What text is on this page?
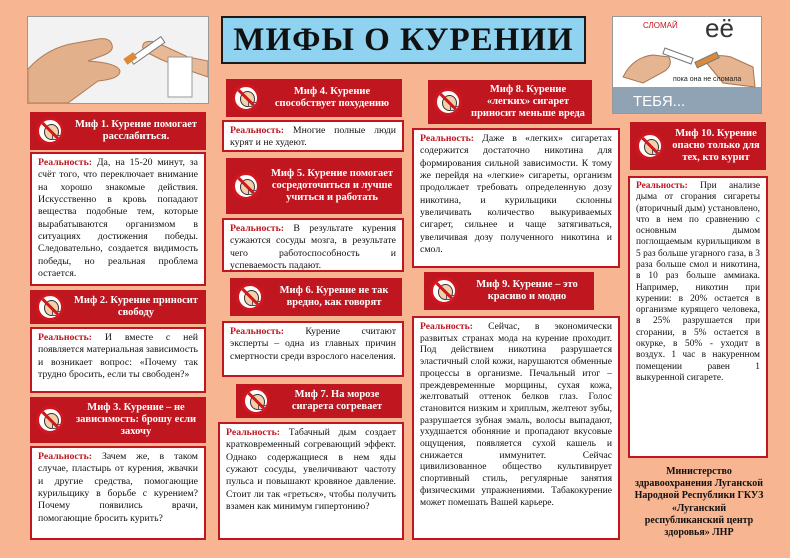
МИФЫ О КУРЕНИИ	СЛОМАЙ её
пока она не сломала
ТЕБЯ...
Миф 1. Курение помогает расслабиться.
Реальность: Да, на 15-20 минут, за счёт того, что переключает внимание на хорошо знакомые действия. Искусственно в кровь попадают вещества подобные тем, которые вырабатываются организмом в ситуациях достижения победы. Следовательно, создается видимость победы, но реальная проблема остается.
Миф 2. Курение приносит свободу
Реальность: И вместе с ней появляется материальная зависимость и возникает вопрос: «Почему так трудно бросить, если ты свободен?»
Миф 3. Курение – не зависимость: брошу если захочу
Реальность: Зачем же, в таком случае, пластырь от курения, жвачки и другие средства, помогающие курильщику в борьбе с курением? Почему появились врачи, помогающие бросить курить?
Миф 4. Курение способствует похудению
Реальность: Многие полные люди курят и не худеют.
Миф 5. Курение помогает сосредоточиться и лучше учиться и работать
Реальность: В результате курения сужаются сосуды мозга, в результате чего работоспособность и успеваемость падают.
Миф 6. Курение не так вредно, как говорят
Реальность: Курение считают эксперты – одна из главных причин смертности среди взрослого населения.
Миф 7. На морозе сигарета согревает
Реальность: Табачный дым создает кратковременный согревающий эффект. Однако содержащиеся в нем яды сужают сосуды, увеличивают частоту пульса и повышают кровяное давление. Стоит ли так «греться», чтобы получить взамен как минимум гипертонию?
Миф 8. Курение «легких» сигарет приносит меньше вреда
Реальность: Даже в «легких» сигаретах содержится достаточно никотина для формирования сильной зависимости. К тому же перейдя на «легкие» сигареты, организм продолжает требовать определенную дозу никотина, и курильщики склонны увеличивать количество выкуриваемых сигарет, сильнее и чаще затягиваться, увеличивая дозу полученного никотина и смол.
Миф 9. Курение – это красиво и модно
Реальность: Сейчас, в экономически развитых странах мода на курение проходит. Под действием никотина разрушается эластичный слой кожи, нарушаются обменные процессы в организме. Печальный итог – преждевременные морщины, сухая кожа, желтоватый оттенок белков глаз. Голос становится низким и хриплым, желтеют зубы, разрушается зубная эмаль, волосы выпадают, ухудшается обоняние и пропадают вкусовые ощущения, появляется сухой кашель и снижается иммунитет. Сейчас цивилизованное общество культивирует спортивный стиль, регулярные занятия физическими упражнениями. Табакокурение может помешать Вашей карьере.
Миф 10. Курение опасно только для тех, кто курит
Реальность: При анализе дыма от сгорания сигареты (вторичный дым) установлено, что в нем по сравнению с основным дымом поглощаемым курильщиком в 5 раз больше угарного газа, в 3 раза больше смол и никотина, в 10 раз больше аммиака. Например, никотин при курении: в 20% остается в организме курящего человека, в 25% разрушается при сгорании, в 5% остается в окурке, в 50% - уходит в воздух. 1 час в накуренном помещении равен 1 выкуренной сигарете.
Министерство здравоохранения Луганской Народной Республики ГКУЗ «Луганский республиканский центр здоровья» ЛНР
